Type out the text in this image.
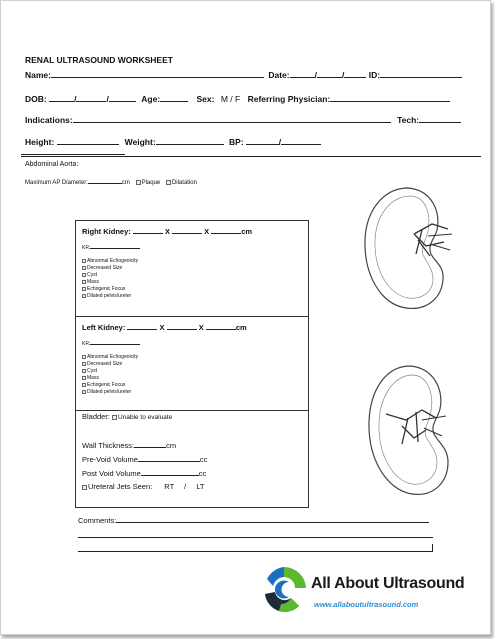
RENAL ULTRASOUND WORKSHEET
Name:	Date:	/	/	ID:
DOB:	/	/	Age:	Sex: M / F Referring Physician:
Indications:	Tech:
Height:	Weight:	BP:	/
Abdominal Aorta:
Maximum AP Diameter:	cm Plaque Dilatation
Right Kidney:	X	X	cm
KR:
Abnormal Echogenicity
Decreased Size
Cyst
Mass
Echogenic Focus
Dilated pelvis/ureter
Left Kidney:	X	X	cm
KR:
Abnormal Echogenicity
Decreased Size
Cyst
Mass
Echogenic Focus
Dilated pelvis/ureter
Bladder: Unable to evaluate
Wall Thickness:	cm
Pre-Void Volume	cc
Post Void Volume	cc
Ureteral Jets Seen: RT / LT
Comments:
All About Ultrasound
www.allaboutultrasound.com
